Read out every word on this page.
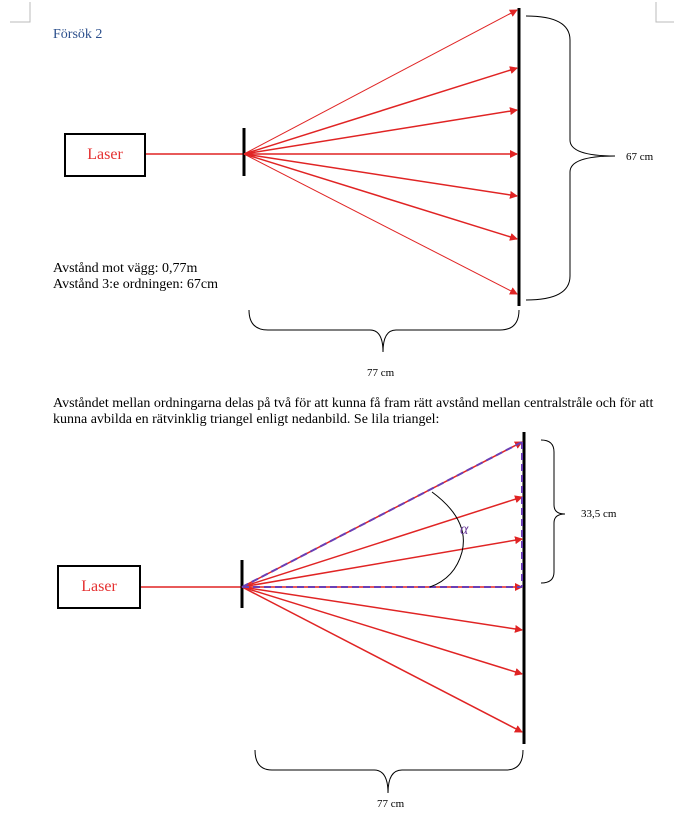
Försök 2
Laser
Avstånd mot vägg: 0,77m
Avstånd 3:e ordningen: 67cm
67 cm
77 cm
Avståndet mellan ordningarna delas på två för att kunna få fram rätt avstånd mellan centralstråle och för att kunna avbilda en rätvinklig triangel enligt nedanbild. Se lila triangel:
Laser
α
33,5 cm
77 cm
